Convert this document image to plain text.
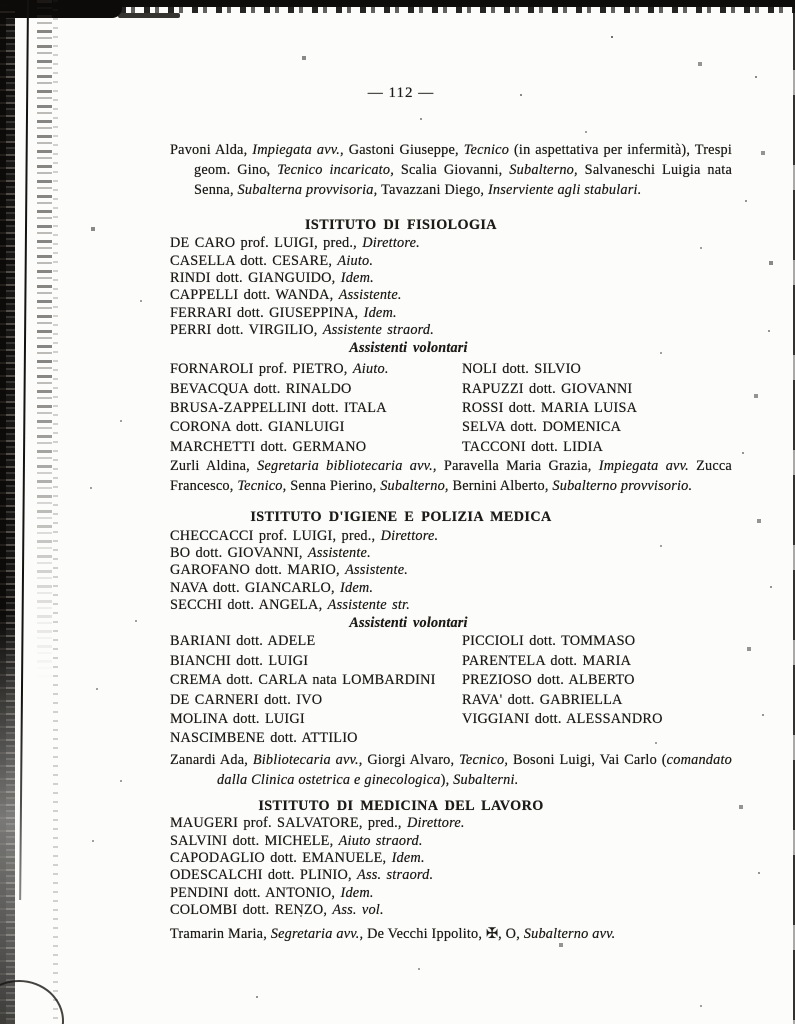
— 112 —

Pavoni Alda, Impiegata avv., Gastoni Giuseppe, Tecnico (in aspettativa per infermità), Trespi geom. Gino, Tecnico incaricato, Scalia Giovanni, Subalterno, Salvaneschi Luigia nata Senna, Subalterna provvisoria, Tavazzani Diego, Inserviente agli stabulari.

ISTITUTO DI FISIOLOGIA
DE CARO prof. LUIGI, pred., Direttore.
CASELLA dott. CESARE, Aiuto.
RINDI dott. GIANGUIDO, Idem.
CAPPELLI dott. WANDA, Assistente.
FERRARI dott. GIUSEPPINA, Idem.
PERRI dott. VIRGILIO, Assistente straord.
Assistenti volontari
FORNAROLI prof. PIETRO, Aiuto.
BEVACQUA dott. RINALDO
BRUSA-ZAPPELLINI dott. ITALA
CORONA dott. GIANLUIGI
MARCHETTI dott. GERMANO
NOLI dott. SILVIO
RAPUZZI dott. GIOVANNI
ROSSI dott. MARIA LUISA
SELVA dott. DOMENICA
TACCONI dott. LIDIA

Zurli Aldina, Segretaria bibliotecaria avv., Paravella Maria Grazia, Impiegata avv. Zucca Francesco, Tecnico, Senna Pierino, Subalterno, Bernini Alberto, Subalterno provvisorio.

ISTITUTO D'IGIENE E POLIZIA MEDICA
CHECCACCI prof. LUIGI, pred., Direttore.
BO dott. GIOVANNI, Assistente.
GAROFANO dott. MARIO, Assistente.
NAVA dott. GIANCARLO, Idem.
SECCHI dott. ANGELA, Assistente str.
Assistenti volontari
BARIANI dott. ADELE
BIANCHI dott. LUIGI
CREMA dott. CARLA nata LOMBARDINI
DE CARNERI dott. IVO
MOLINA dott. LUIGI
NASCIMBENE dott. ATTILIO
PICCIOLI dott. TOMMASO
PARENTELA dott. MARIA
PREZIOSO dott. ALBERTO
RAVA' dott. GABRIELLA
VIGGIANI dott. ALESSANDRO

Zanardi Ada, Bibliotecaria avv., Giorgi Alvaro, Tecnico, Bosoni Luigi, Vai Carlo (comandato dalla Clinica ostetrica e ginecologica), Subalterni.

ISTITUTO DI MEDICINA DEL LAVORO
MAUGERI prof. SALVATORE, pred., Direttore.
SALVINI dott. MICHELE, Aiuto straord.
CAPODAGLIO dott. EMANUELE, Idem.
ODESCALCHI dott. PLINIO, Ass. straord.
PENDINI dott. ANTONIO, Idem.
COLOMBI dott. RENZO, Ass. vol.

Tramarin Maria, Segretaria avv., De Vecchi Ippolito, ✠, O, Subalterno avv.
